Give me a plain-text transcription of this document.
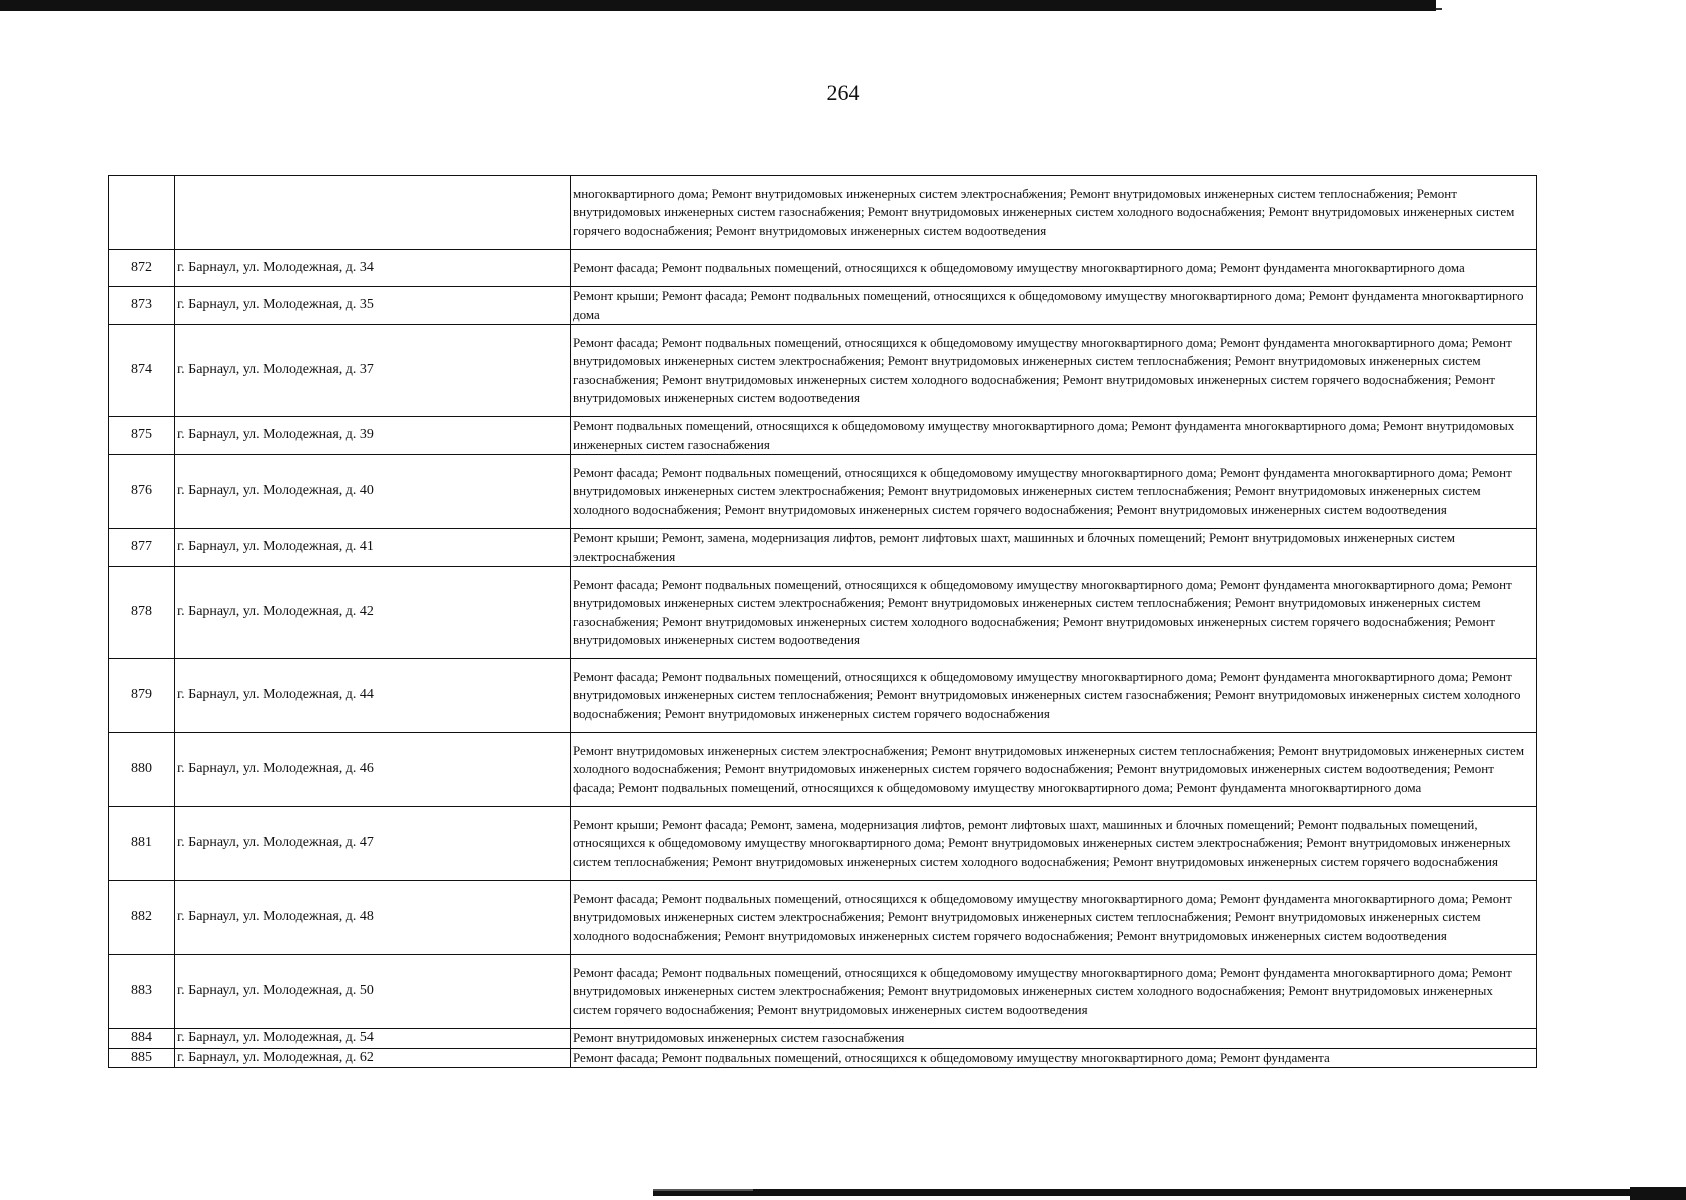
264
		многоквартирного дома; Ремонт внутридомовых инженерных систем электроснабжения; Ремонт внутридомовых инженерных систем теплоснабжения; Ремонт внутридомовых инженерных систем газоснабжения; Ремонт внутридомовых инженерных систем холодного водоснабжения; Ремонт внутридомовых инженерных систем горячего водоснабжения; Ремонт внутридомовых инженерных систем водоотведения
872	г. Барнаул, ул. Молодежная, д. 34	Ремонт фасада; Ремонт подвальных помещений, относящихся к общедомовому имуществу многоквартирного дома; Ремонт фундамента многоквартирного дома
873	г. Барнаул, ул. Молодежная, д. 35	Ремонт крыши; Ремонт фасада; Ремонт подвальных помещений, относящихся к общедомовому имуществу многоквартирного дома; Ремонт фундамента многоквартирного дома
874	г. Барнаул, ул. Молодежная, д. 37	Ремонт фасада; Ремонт подвальных помещений, относящихся к общедомовому имуществу многоквартирного дома; Ремонт фундамента многоквартирного дома; Ремонт внутридомовых инженерных систем электроснабжения; Ремонт внутридомовых инженерных систем теплоснабжения; Ремонт внутридомовых инженерных систем газоснабжения; Ремонт внутридомовых инженерных систем холодного водоснабжения; Ремонт внутридомовых инженерных систем горячего водоснабжения; Ремонт внутридомовых инженерных систем водоотведения
875	г. Барнаул, ул. Молодежная, д. 39	Ремонт подвальных помещений, относящихся к общедомовому имуществу многоквартирного дома; Ремонт фундамента многоквартирного дома; Ремонт внутридомовых инженерных систем газоснабжения
876	г. Барнаул, ул. Молодежная, д. 40	Ремонт фасада; Ремонт подвальных помещений, относящихся к общедомовому имуществу многоквартирного дома; Ремонт фундамента многоквартирного дома; Ремонт внутридомовых инженерных систем электроснабжения; Ремонт внутридомовых инженерных систем теплоснабжения; Ремонт внутридомовых инженерных систем холодного водоснабжения; Ремонт внутридомовых инженерных систем горячего водоснабжения; Ремонт внутридомовых инженерных систем водоотведения
877	г. Барнаул, ул. Молодежная, д. 41	Ремонт крыши; Ремонт, замена, модернизация лифтов, ремонт лифтовых шахт, машинных и блочных помещений; Ремонт внутридомовых инженерных систем электроснабжения
878	г. Барнаул, ул. Молодежная, д. 42	Ремонт фасада; Ремонт подвальных помещений, относящихся к общедомовому имуществу многоквартирного дома; Ремонт фундамента многоквартирного дома; Ремонт внутридомовых инженерных систем электроснабжения; Ремонт внутридомовых инженерных систем теплоснабжения; Ремонт внутридомовых инженерных систем газоснабжения; Ремонт внутридомовых инженерных систем холодного водоснабжения; Ремонт внутридомовых инженерных систем горячего водоснабжения; Ремонт внутридомовых инженерных систем водоотведения
879	г. Барнаул, ул. Молодежная, д. 44	Ремонт фасада; Ремонт подвальных помещений, относящихся к общедомовому имуществу многоквартирного дома; Ремонт фундамента многоквартирного дома; Ремонт внутридомовых инженерных систем теплоснабжения; Ремонт внутридомовых инженерных систем газоснабжения; Ремонт внутридомовых инженерных систем холодного водоснабжения; Ремонт внутридомовых инженерных систем горячего водоснабжения
880	г. Барнаул, ул. Молодежная, д. 46	Ремонт внутридомовых инженерных систем электроснабжения; Ремонт внутридомовых инженерных систем теплоснабжения; Ремонт внутридомовых инженерных систем холодного водоснабжения; Ремонт внутридомовых инженерных систем горячего водоснабжения; Ремонт внутридомовых инженерных систем водоотведения; Ремонт фасада; Ремонт подвальных помещений, относящихся к общедомовому имуществу многоквартирного дома; Ремонт фундамента многоквартирного дома
881	г. Барнаул, ул. Молодежная, д. 47	Ремонт крыши; Ремонт фасада; Ремонт, замена, модернизация лифтов, ремонт лифтовых шахт, машинных и блочных помещений; Ремонт подвальных помещений, относящихся к общедомовому имуществу многоквартирного дома; Ремонт внутридомовых инженерных систем электроснабжения; Ремонт внутридомовых инженерных систем теплоснабжения; Ремонт внутридомовых инженерных систем холодного водоснабжения; Ремонт внутридомовых инженерных систем горячего водоснабжения
882	г. Барнаул, ул. Молодежная, д. 48	Ремонт фасада; Ремонт подвальных помещений, относящихся к общедомовому имуществу многоквартирного дома; Ремонт фундамента многоквартирного дома; Ремонт внутридомовых инженерных систем электроснабжения; Ремонт внутридомовых инженерных систем теплоснабжения; Ремонт внутридомовых инженерных систем холодного водоснабжения; Ремонт внутридомовых инженерных систем горячего водоснабжения; Ремонт внутридомовых инженерных систем водоотведения
883	г. Барнаул, ул. Молодежная, д. 50	Ремонт фасада; Ремонт подвальных помещений, относящихся к общедомовому имуществу многоквартирного дома; Ремонт фундамента многоквартирного дома; Ремонт внутридомовых инженерных систем электроснабжения; Ремонт внутридомовых инженерных систем холодного водоснабжения; Ремонт внутридомовых инженерных систем горячего водоснабжения; Ремонт внутридомовых инженерных систем водоотведения
884	г. Барнаул, ул. Молодежная, д. 54	Ремонт внутридомовых инженерных систем газоснабжения
885	г. Барнаул, ул. Молодежная, д. 62	Ремонт фасада; Ремонт подвальных помещений, относящихся к общедомовому имуществу многоквартирного дома; Ремонт фундамента
